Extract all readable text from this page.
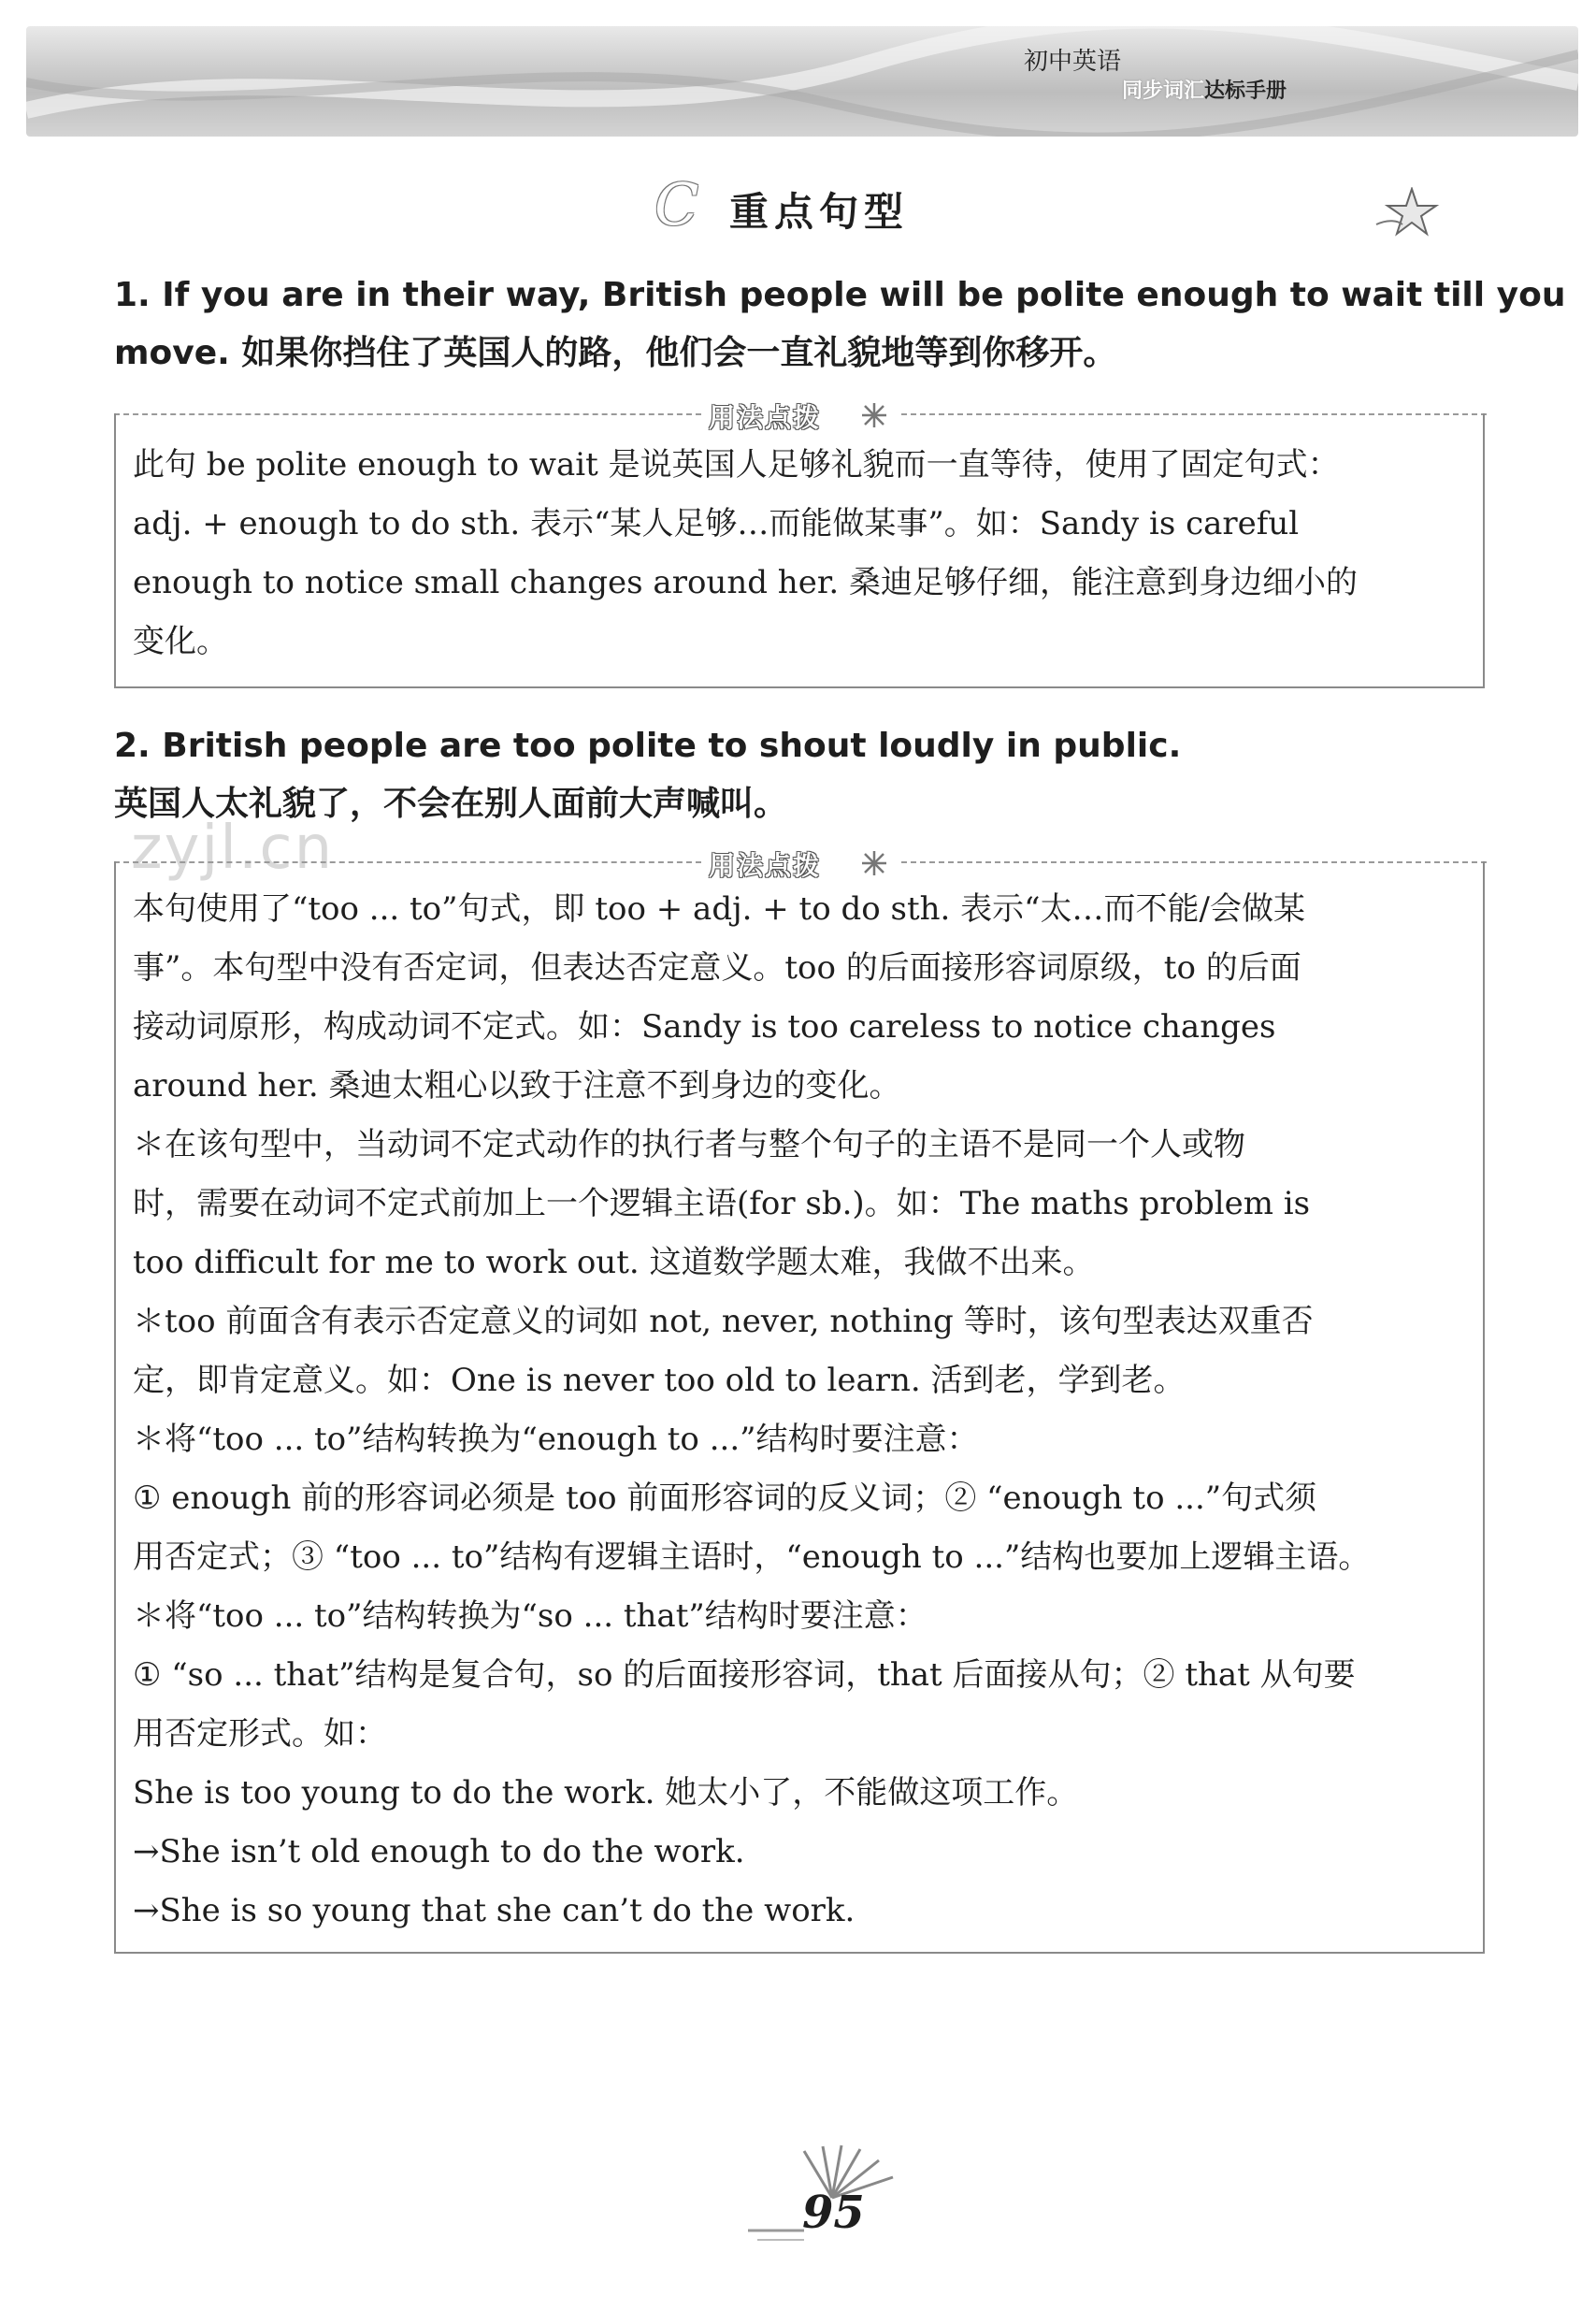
初中英语
同步词汇达标手册
C 重点句型
1. If you are in their way, British people will be polite enough to wait till you
move. 如果你挡住了英国人的路，他们会一直礼貌地等到你移开。
用法点拨
此句 be polite enough to wait 是说英国人足够礼貌而一直等待，使用了固定句式：
adj. + enough to do sth. 表示“某人足够…而能做某事”。如：Sandy is careful
enough to notice small changes around her. 桑迪足够仔细，能注意到身边细小的
变化。
2. British people are too polite to shout loudly in public.
英国人太礼貌了，不会在别人面前大声喊叫。
zyjl.cn	用法点拨
本句使用了“too ... to”句式，即 too + adj. + to do sth. 表示“太…而不能/会做某
事”。本句型中没有否定词，但表达否定意义。too 的后面接形容词原级，to 的后面
接动词原形，构成动词不定式。如：Sandy is too careless to notice changes
around her. 桑迪太粗心以致于注意不到身边的变化。
＊在该句型中，当动词不定式动作的执行者与整个句子的主语不是同一个人或物
时，需要在动词不定式前加上一个逻辑主语(for sb.)。如：The maths problem is
too difficult for me to work out. 这道数学题太难，我做不出来。
＊too 前面含有表示否定意义的词如 not, never, nothing 等时，该句型表达双重否
定，即肯定意义。如：One is never too old to learn. 活到老，学到老。
＊将“too ... to”结构转换为“enough to ...”结构时要注意：
① enough 前的形容词必须是 too 前面形容词的反义词；② “enough to ...”句式须
用否定式；③ “too ... to”结构有逻辑主语时，“enough to ...”结构也要加上逻辑主语。
＊将“too ... to”结构转换为“so ... that”结构时要注意：
① “so ... that”结构是复合句，so 的后面接形容词，that 后面接从句；② that 从句要
用否定形式。如：
She is too young to do the work. 她太小了，不能做这项工作。
→She isn’t old enough to do the work.
→She is so young that she can’t do the work.
95
